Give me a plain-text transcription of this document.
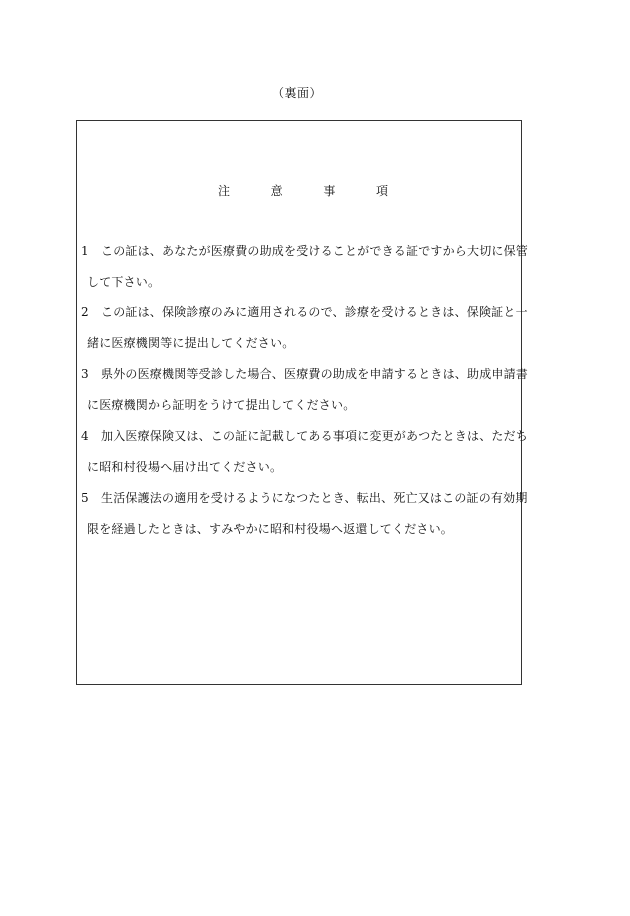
（裏面）
注	意	事	項
1 この証は、あなたが医療費の助成を受けることができる証ですから大切に保管
して下さい。
2 この証は、保険診療のみに適用されるので、診療を受けるときは、保険証と一
緒に医療機関等に提出してください。
3 県外の医療機関等受診した場合、医療費の助成を申請するときは、助成申請書
に医療機関から証明をうけて提出してください。
4 加入医療保険又は、この証に記載してある事項に変更があつたときは、ただち
に昭和村役場へ届け出てください。
5 生活保護法の適用を受けるようになつたとき、転出、死亡又はこの証の有効期
限を経過したときは、すみやかに昭和村役場へ返還してください。
